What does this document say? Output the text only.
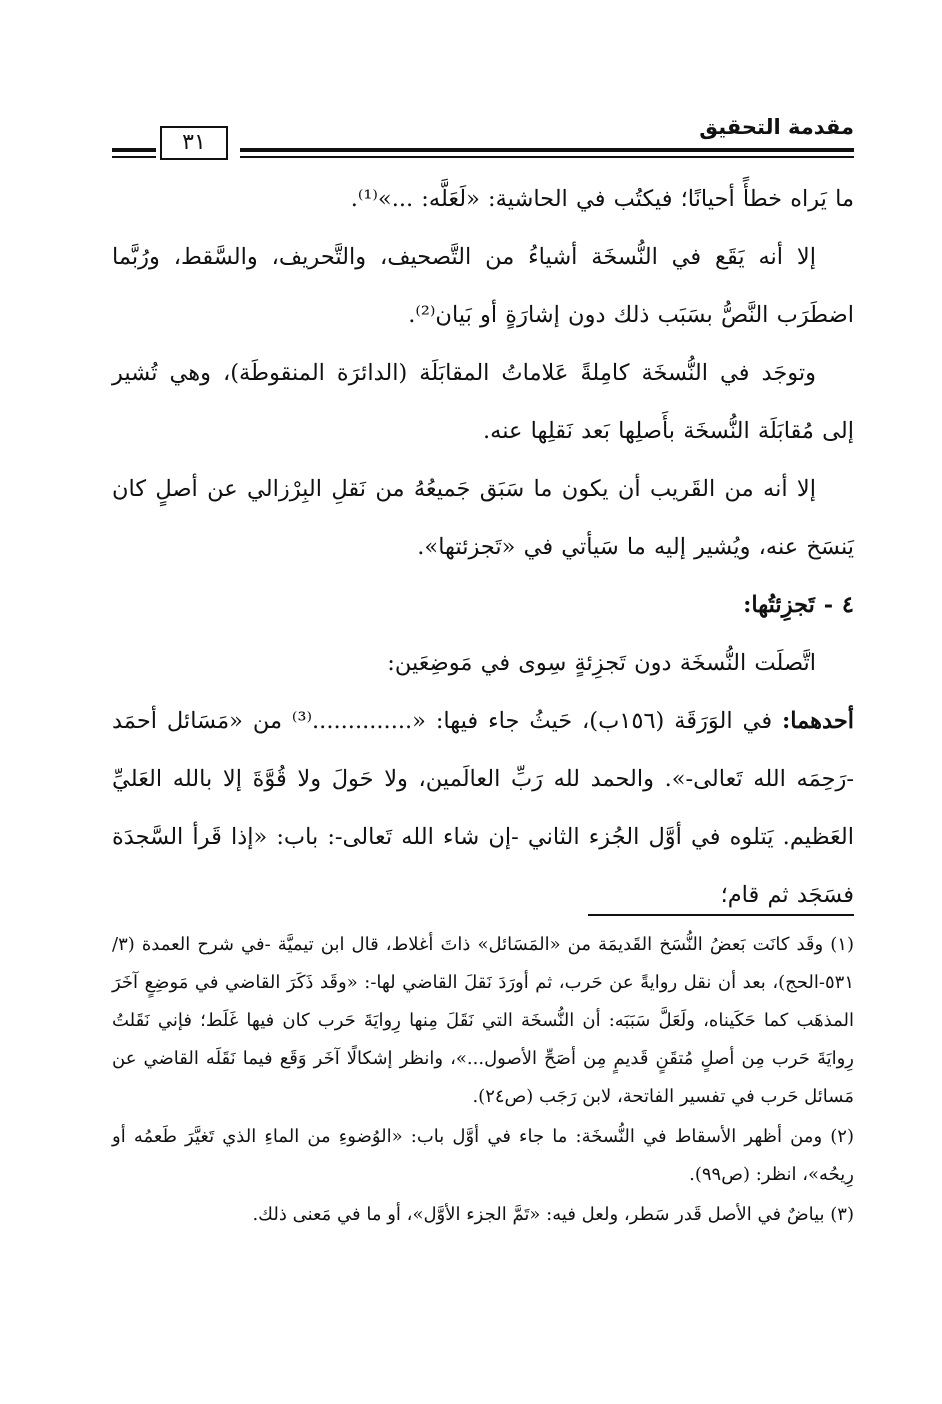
مقدمة التحقيق
٣١

ما يَراه خطأً أحيانًا؛ فيكتُب في الحاشية: «لَعَلَّه: ...»⁽¹⁾.

إلا أنه يَقَع في النُّسخَة أشياءُ من التَّصحيف، والتَّحريف، والسَّقط، ورُبَّما اضطَرَب النَّصُّ بسَبَب ذلك دون إشارَةٍ أو بَيان⁽²⁾.

وتوجَد في النُّسخَة كامِلةً عَلاماتُ المقابَلَة (الدائرَة المنقوطَة)، وهي تُشير إلى مُقابَلَة النُّسخَة بأَصلِها بَعد نَقلِها عنه.

إلا أنه من القَريب أن يكون ما سَبَق جَميعُهُ من نَقلِ البِرْزالي عن أصلٍ كان يَنسَخ عنه، ويُشير إليه ما سَيأتي في «تَجزئتها».

٤ - تَجزِئتُها:

اتَّصلَت النُّسخَة دون تَجزِئةٍ سِوى في مَوضِعَين:

أحدهما: في الوَرَقَة (١٥٦ب)، حَيثُ جاء فيها: «..............⁽³⁾ من «مَسَائل أحمَد -رَحِمَه الله تَعالى-». والحمد لله رَبِّ العالَمين، ولا حَولَ ولا قُوَّةَ إلا بالله العَليِّ العَظيم. يَتلوه في أوَّل الجُزء الثاني -إن شاء الله تَعالى-: باب: «إذا قَرأ السَّجدَة فسَجَد ثم قام؛

(١) وقَد كانَت بَعضُ النُّسَخ القَديمَة من «المَسَائل» ذاتَ أغلاط، قال ابن تيميَّة -في شرح العمدة (٣/ ٥٣١-الحج)، بعد أن نقل روايةً عن حَرب، ثم أورَدَ نَقلَ القاضي لها-: «وقَد ذَكَرَ القاضي في مَوضِعٍ آخَرَ المذهَب كما حَكَيناه، ولَعَلَّ سَبَبَه: أن النُّسخَة التي نَقَلَ مِنها رِوايَةَ حَرب كان فيها غَلَط؛ فإني نَقَلتُ رِوايَةَ حَرب مِن أصلٍ مُتقَنٍ قَديمٍ مِن أصَحِّ الأصول...»، وانظر إشكالًا آخَر وَقَع فيما نَقَلَه القاضي عن مَسائل حَرب في تفسير الفاتحة، لابن رَجَب (ص٢٤).

(٢) ومن أظهر الأسقاط في النُّسخَة: ما جاء في أوَّل باب: «الوُضوءِ من الماءِ الذي تَغيَّرَ طَعمُه أو رِيحُه»، انظر: (ص٩٩).

(٣) بياضٌ في الأصل قَدر سَطر، ولعل فيه: «تَمَّ الجزء الأوَّل»، أو ما في مَعنى ذلك.
